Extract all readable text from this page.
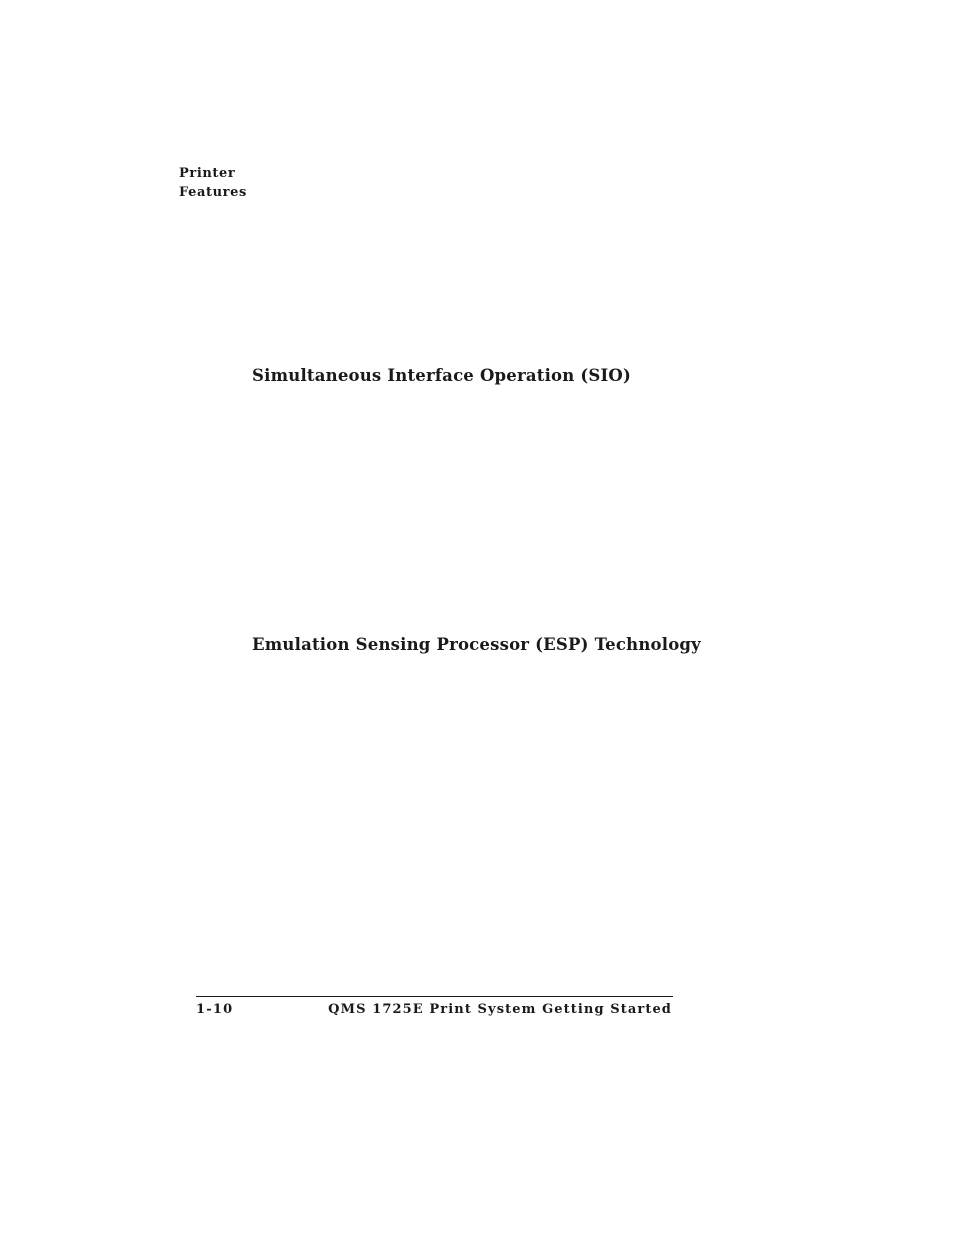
Printer
Features
Simultaneous Interface Operation (SIO)
Emulation Sensing Processor (ESP) Technology
1-10	QMS 1725E Print System Getting Started
